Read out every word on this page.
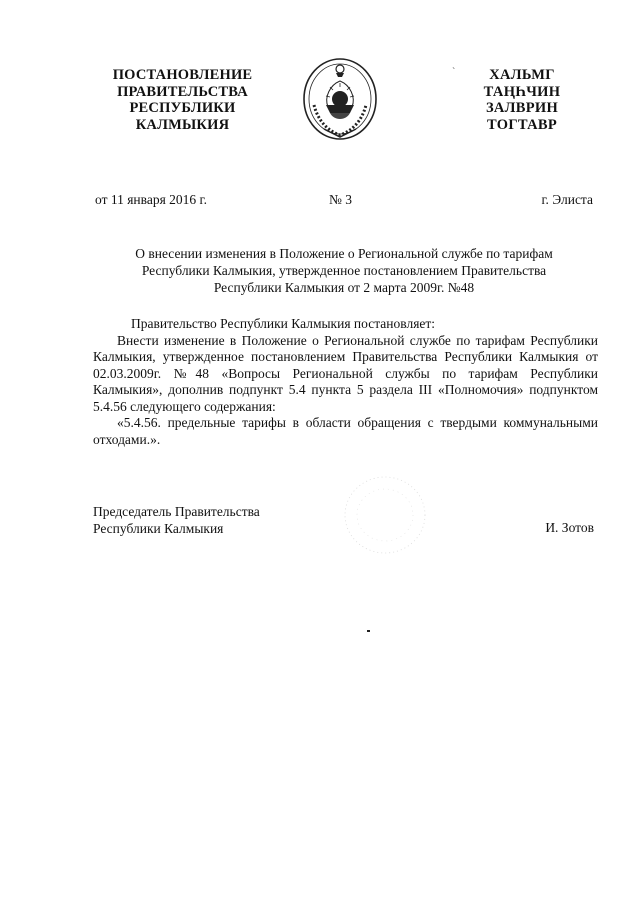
ПОСТАНОВЛЕНИЕ
ПРАВИТЕЛЬСТВА
РЕСПУБЛИКИ
КАЛМЫКИЯ
`	ХАЛЬМГ
ТАҢҺЧИН
ЗАЛВРИН
ТОГТАВР
от 11 января 2016 г.	№ 3	г. Элиста
О внесении изменения в Положение о Региональной службе по тарифам
Республики Калмыкия, утвержденное постановлением Правительства
Республики Калмыкия от 2 марта 2009г. №48
Правительство Республики Калмыкия постановляет:

Внести изменение в Положение о Региональной службе по тарифам Республики Калмыкия, утвержденное постановлением Правительства Республики Калмыкия от 02.03.2009г. №48 «Вопросы Региональной службы по тарифам Республики Калмыкия», дополнив подпункт 5.4 пункта 5 раздела III «Полномочия» подпунктом 5.4.56 следующего содержания:

«5.4.56. предельные тарифы в области обращения с твердыми коммунальными отходами.».

Председатель Правительства
Республики Калмыкия	И. Зотов
